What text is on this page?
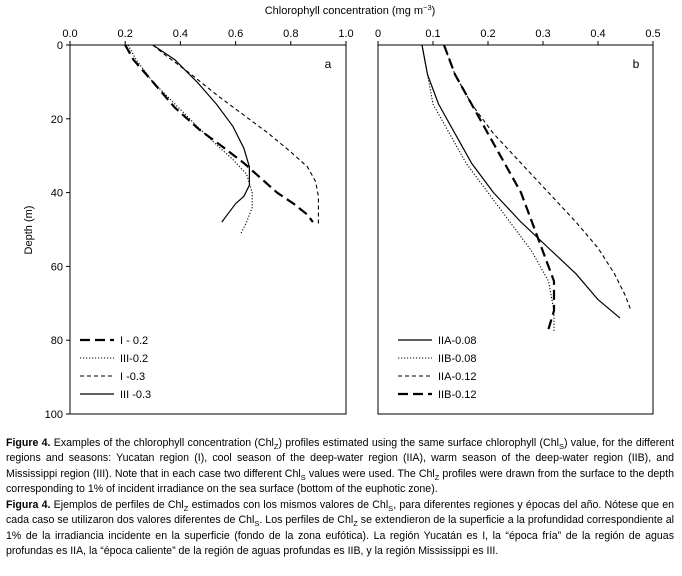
Chlorophyll concentration (mg $m^{-3}$)
Depth (m)
0.0	0.2	0.4	0.6	0.8	1.0
0
20
40
60
80
100
a
I - 0.2
III-0.2
I -0.3
III -0.3
0	0.1	0.2	0.3	0.4	0.5
b
IIA-0.08
IIB-0.08
IIA-0.12
IIB-0.12
Figure 4. Examples of the chlorophyll concentration (Chl$_Z$) profiles estimated using the same surface chlorophyll (Chl$_S$) value, for the different regions and seasons: Yucatan region (I), cool season of the deep-water region (IIA), warm season of the deep-water region (IIB), and Mississippi region (III). Note that in each case two different Chl$_S$ values were used. The Chl$_Z$ profiles were drawn from the surface to the depth corresponding to 1% of incident irradiance on the sea surface (bottom of the euphotic zone).
Figura 4. Ejemplos de perfiles de Chl$_Z$ estimados con los mismos valores de Chl$_S$, para diferentes regiones y épocas del año. Nótese que en cada caso se utilizaron dos valores diferentes de Chl$_S$. Los perfiles de Chl$_Z$ se extendieron de la superficie a la profundidad correspondiente al 1% de la irradiancia incidente en la superficie (fondo de la zona eufótica). La región Yucatán es I, la “época fría” de la región de aguas profundas es IIA, la “época caliente” de la región de aguas profundas es IIB, y la región Mississippi es III.
